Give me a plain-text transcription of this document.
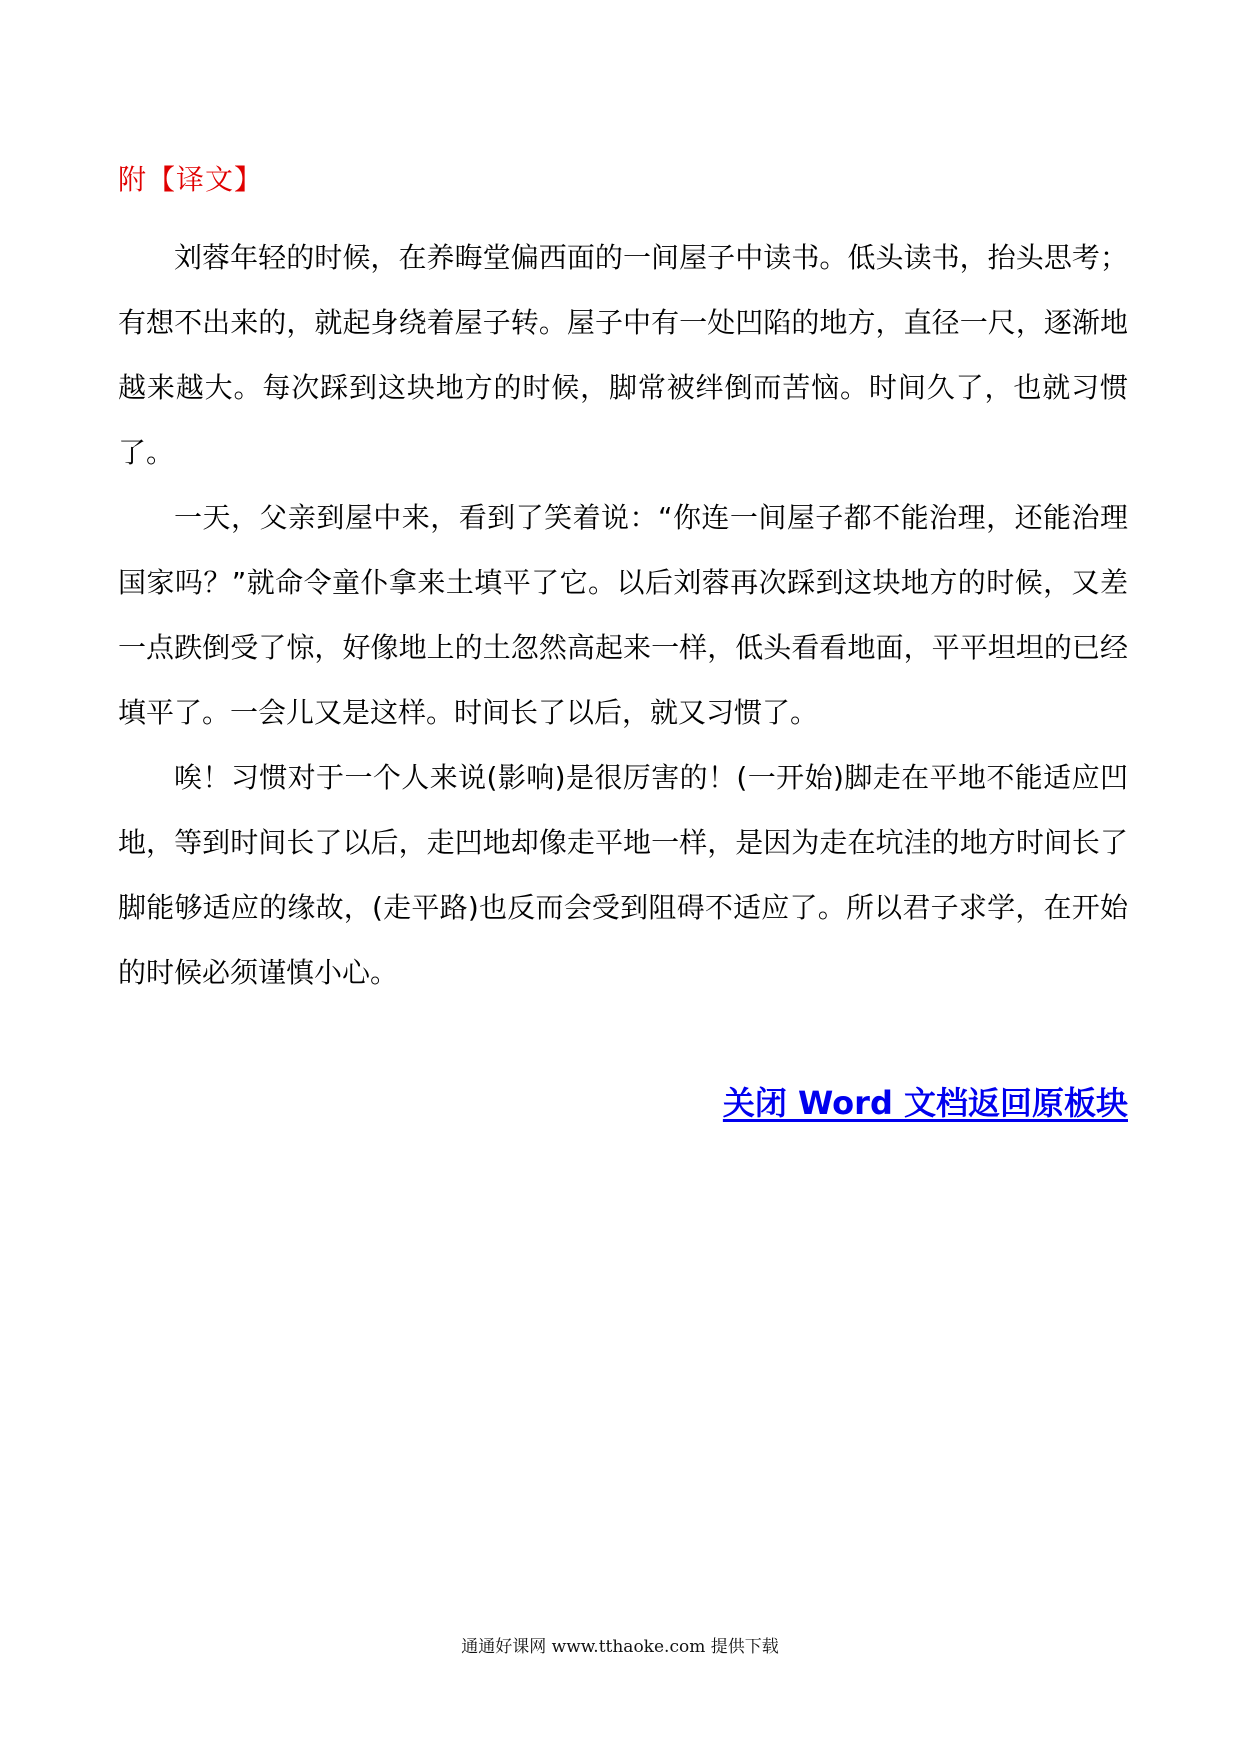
附【译文】

刘蓉年轻的时候，在养晦堂偏西面的一间屋子中读书。低头读书，抬头思考；有想不出来的，就起身绕着屋子转。屋子中有一处凹陷的地方，直径一尺，逐渐地越来越大。每次踩到这块地方的时候，脚常被绊倒而苦恼。时间久了，也就习惯了。

一天，父亲到屋中来，看到了笑着说：“你连一间屋子都不能治理，还能治理国家吗？”就命令童仆拿来土填平了它。以后刘蓉再次踩到这块地方的时候，又差一点跌倒受了惊，好像地上的土忽然高起来一样，低头看看地面，平平坦坦的已经填平了。一会儿又是这样。时间长了以后，就又习惯了。

唉！习惯对于一个人来说(影响)是很厉害的！(一开始)脚走在平地不能适应凹地，等到时间长了以后，走凹地却像走平地一样，是因为走在坑洼的地方时间长了脚能够适应的缘故，(走平路)也反而会受到阻碍不适应了。所以君子求学，在开始的时候必须谨慎小心。

关闭 Word 文档返回原板块
通通好课网 www.tthaoke.com 提供下载
